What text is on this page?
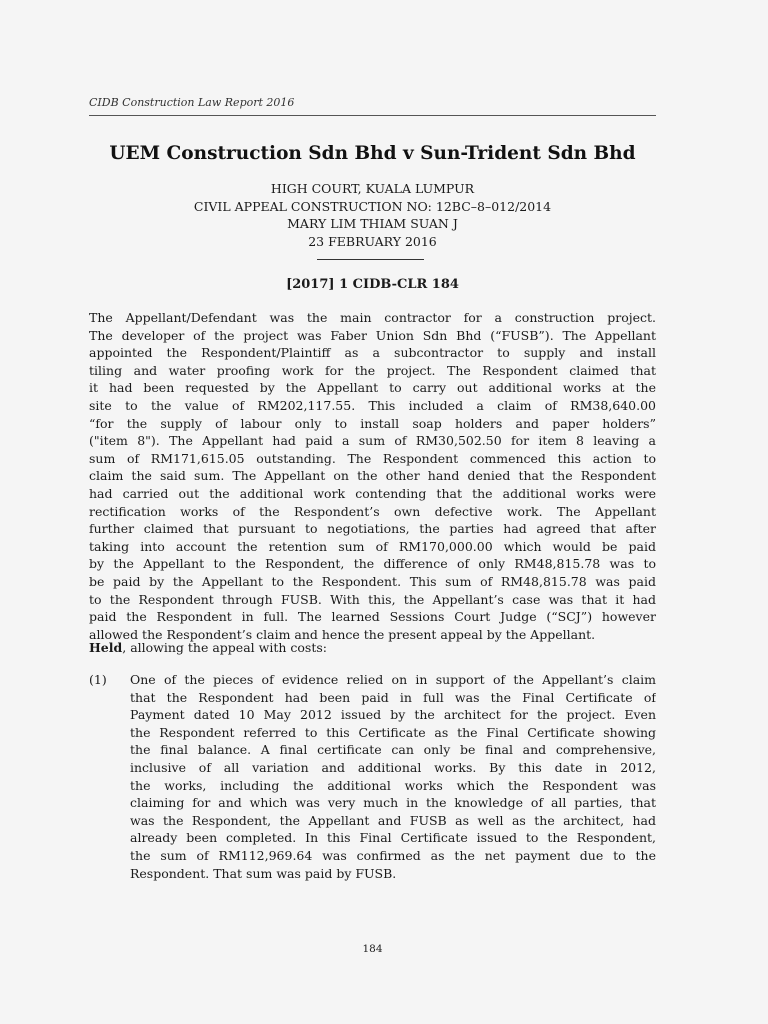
CIDB Construction Law Report 2016
UEM Construction Sdn Bhd v Sun-Trident Sdn Bhd
HIGH COURT, KUALA LUMPUR
CIVIL APPEAL CONSTRUCTION NO: 12BC–8–012/2014
MARY LIM THIAM SUAN J
23 FEBRUARY 2016
[2017] 1 CIDB-CLR 184
The Appellant/Defendant was the main contractor for a construction project.
The developer of the project was Faber Union Sdn Bhd (“FUSB”). The Appellant
appointed the Respondent/Plaintiff as a subcontractor to supply and install
tiling and water proofing work for the project. The Respondent claimed that
it had been requested by the Appellant to carry out additional works at the
site to the value of RM202,117.55. This included a claim of RM38,640.00
“for the supply of labour only to install soap holders and paper holders”
("item 8"). The Appellant had paid a sum of RM30,502.50 for item 8 leaving a
sum of RM171,615.05 outstanding. The Respondent commenced this action to
claim the said sum. The Appellant on the other hand denied that the Respondent
had carried out the additional work contending that the additional works were
rectification works of the Respondent’s own defective work. The Appellant
further claimed that pursuant to negotiations, the parties had agreed that after
taking into account the retention sum of RM170,000.00 which would be paid
by the Appellant to the Respondent, the difference of only RM48,815.78 was to
be paid by the Appellant to the Respondent. This sum of RM48,815.78 was paid
to the Respondent through FUSB. With this, the Appellant’s case was that it had
paid the Respondent in full. The learned Sessions Court Judge (“SCJ”) however
allowed the Respondent’s claim and hence the present appeal by the Appellant.
Held, allowing the appeal with costs:
(1) One of the pieces of evidence relied on in support of the Appellant’s claim
that the Respondent had been paid in full was the Final Certificate of
Payment dated 10 May 2012 issued by the architect for the project. Even
the Respondent referred to this Certificate as the Final Certificate showing
the final balance. A final certificate can only be final and comprehensive,
inclusive of all variation and additional works. By this date in 2012,
the works, including the additional works which the Respondent was
claiming for and which was very much in the knowledge of all parties, that
was the Respondent, the Appellant and FUSB as well as the architect, had
already been completed. In this Final Certificate issued to the Respondent,
the sum of RM112,969.64 was confirmed as the net payment due to the
Respondent. That sum was paid by FUSB.
184
